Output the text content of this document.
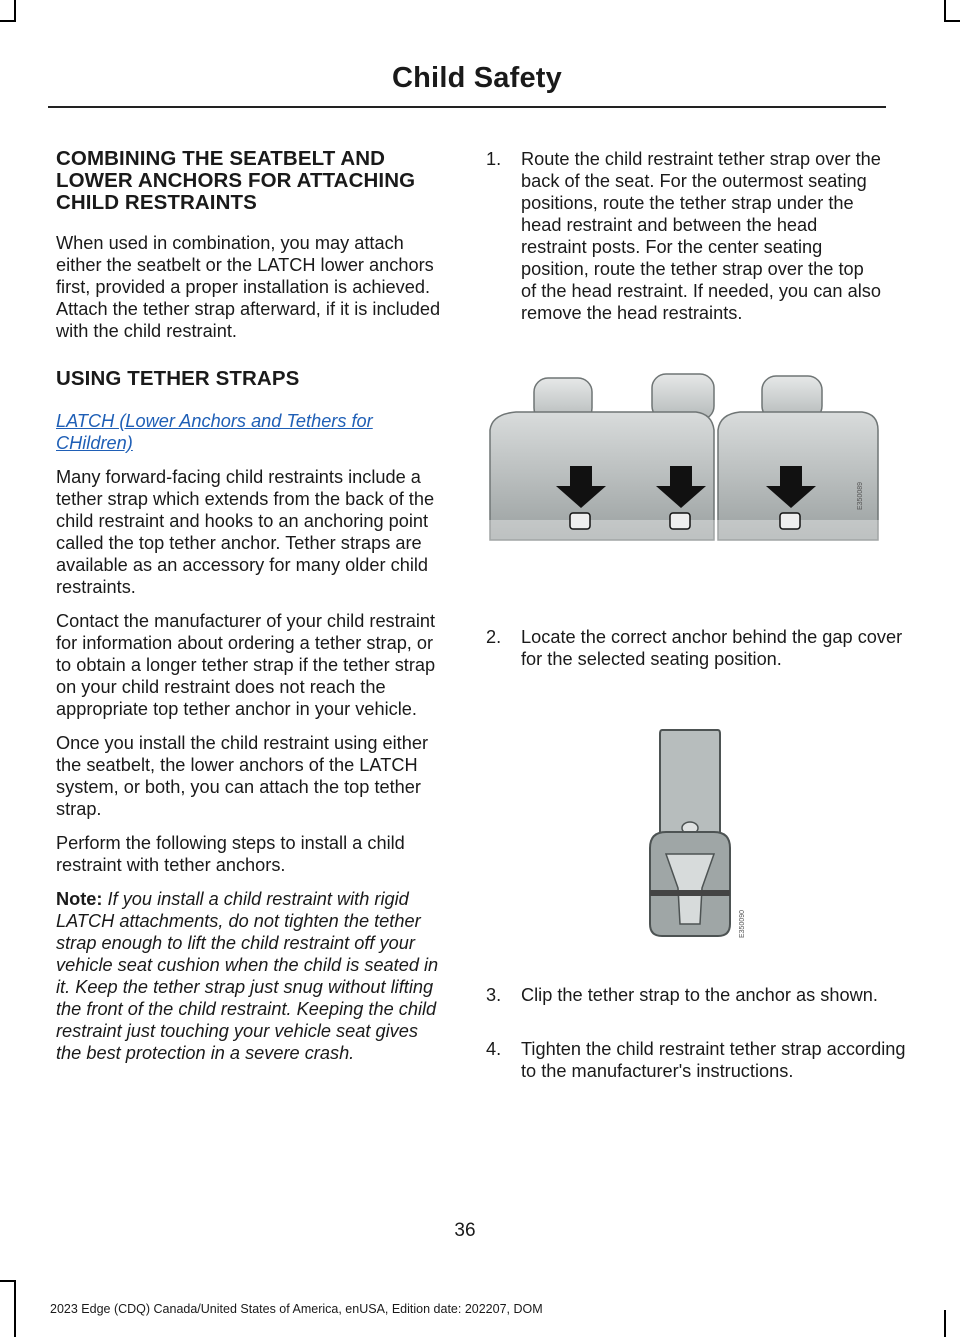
Child Safety
COMBINING THE SEATBELT AND LOWER ANCHORS FOR ATTACHING CHILD RESTRAINTS

When used in combination, you may attach either the seatbelt or the LATCH lower anchors first, provided a proper installation is achieved. Attach the tether strap afterward, if it is included with the child restraint.

USING TETHER STRAPS
LATCH (Lower Anchors and Tethers for CHildren)

Many forward-facing child restraints include a tether strap which extends from the back of the child restraint and hooks to an anchoring point called the top tether anchor. Tether straps are available as an accessory for many older child restraints.

Contact the manufacturer of your child restraint for information about ordering a tether strap, or to obtain a longer tether strap if the tether strap on your child restraint does not reach the appropriate top tether anchor in your vehicle.

Once you install the child restraint using either the seatbelt, the lower anchors of the LATCH system, or both, you can attach the top tether strap.

Perform the following steps to install a child restraint with tether anchors.

Note: If you install a child restraint with rigid LATCH attachments, do not tighten the tether strap enough to lift the child restraint off your vehicle seat cushion when the child is seated in it. Keep the tether strap just snug without lifting the front of the child restraint. Keeping the child restraint just touching your vehicle seat gives the best protection in a severe crash.

1. Route the child restraint tether strap over the back of the seat. For the outermost seating positions, route the tether strap under the head restraint and between the head restraint posts. For the center seating position, route the tether strap over the top of the head restraint. If needed, you can also remove the head restraints.
2. Locate the correct anchor behind the gap cover for the selected seating position.
3. Clip the tether strap to the anchor as shown.
4. Tighten the child restraint tether strap according to the manufacturer's instructions.
E350089
E350090
36
2023 Edge (CDQ) Canada/United States of America, enUSA, Edition date: 202207, DOM
